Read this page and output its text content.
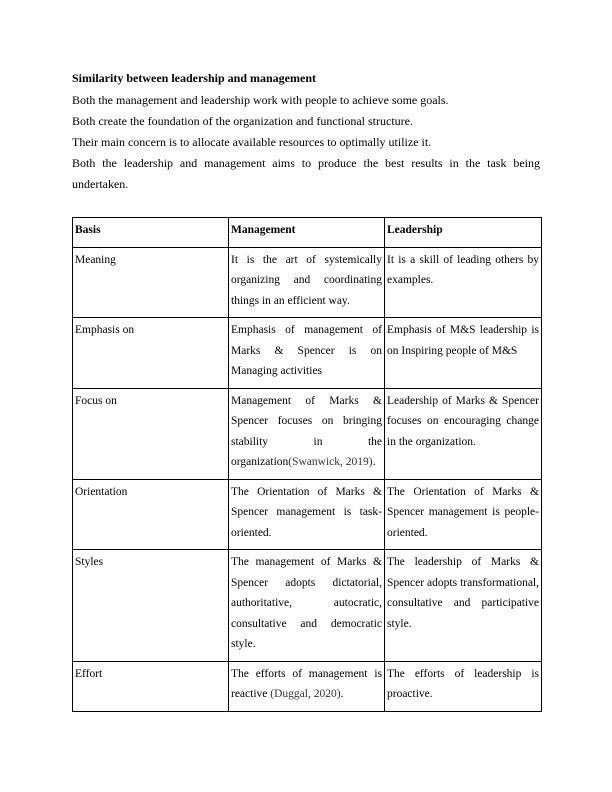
Similarity between leadership and management
Both the management and leadership work with people to achieve some goals.
Both create the foundation of the organization and functional structure.
Their main concern is to allocate available resources to optimally utilize it.
Both the leadership and management aims to produce the best results in the task being undertaken.
Basis	Management	Leadership
Meaning	It is the art of systemically organizing and coordinating things in an efficient way.	It is a skill of leading others by examples.
Emphasis on	Emphasis of management of Marks & Spencer is on Managing activities	Emphasis of M&S leadership is on Inspiring people of M&S
Focus on	Management of Marks & Spencer focuses on bringing stability in the organization(Swanwick, 2019).	Leadership of Marks & Spencer focuses on encouraging change in the organization.
Orientation	The Orientation of Marks & Spencer management is task-oriented.	The Orientation of Marks & Spencer management is people-oriented.
Styles	The management of Marks & Spencer adopts dictatorial, authoritative, autocratic, consultative and democratic style.	The leadership of Marks & Spencer adopts transformational, consultative and participative style.
Effort	The efforts of management is reactive (Duggal, 2020).	The efforts of leadership is proactive.
